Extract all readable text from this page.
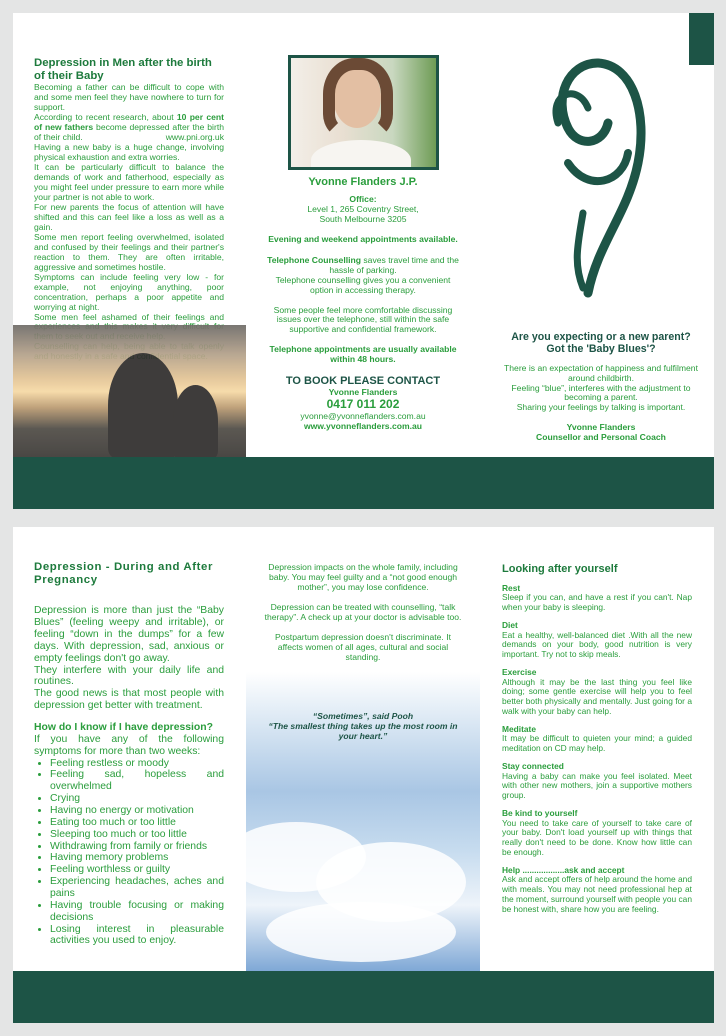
Depression in Men after the birth of their Baby

Becoming a father can be difficult to cope with and some men feel they have nowhere to turn for support.

According to recent research, about 10 per cent of new fathers become depressed after the birth of their child.	www.pni.org.uk

Having a new baby is a huge change, involving physical exhaustion and extra worries.

It can be particularly difficult to balance the demands of work and fatherhood, especially as you might feel under pressure to earn more while your partner is not able to work.

For new parents the focus of attention will have shifted and this can feel like a loss as well as a gain.

Some men report feeling overwhelmed, isolated and confused by their feelings and their partner's reaction to them. They are often irritable, aggressive and sometimes hostile.

Symptoms can include feeling very low - for example, not enjoying anything, poor concentration, perhaps a poor appetite and worrying at night.

Some men feel ashamed of their feelings and

Yvonne Flanders J.P.
Office:
Level 1, 265 Coventry Street,
South Melbourne 3205
Evening and weekend appointments available.
Telephone Counselling saves travel time and the hassle of parking.
Telephone counselling gives you a convenient option in accessing therapy.
Some people feel more comfortable discussing issues over the telephone, still within the safe supportive and confidential framework.
Telephone appointments are usually available within 48 hours.
TO BOOK PLEASE CONTACT
Yvonne Flanders
0417 011 202
yvonne@yvonneflanders.com.au
www.yvonneflanders.com.au
Are you expecting or a new parent? Got the 'Baby Blues'?
There is an expectation of happiness and fulfilment around childbirth.
Feeling “blue”, interferes with the adjustment to becoming a parent.
Sharing your feelings by talking is important.
Yvonne Flanders
Counsellor and Personal Coach
Depression - During and After Pregnancy

Depression is more than just the “Baby Blues” (feeling weepy and irritable), or feeling “down in the dumps” for a few days. With depression, sad, anxious or empty feelings don't go away.

They interfere with your daily life and routines.

The good news is that most people with depression get better with treatment.

How do I know if I have depression?

If you have any of the following symptoms for more than two weeks:

• Feeling restless or moody
• Feeling sad, hopeless and overwhelmed
• Crying
• Having no energy or motivation
• Eating too much or too little
• Sleeping too much or too little
• Withdrawing from family or friends
• Having memory problems
• Feeling worthless or guilty
• Experiencing headaches, aches and pains
• Having trouble focusing or making decisions
• Losing interest in pleasurable activities you used to enjoy.

Depression impacts on the whole family, including baby. You may feel guilty and a “not good enough mother”, you may lose confidence.

Depression can be treated with counselling, “talk therapy”. A check up at your doctor is advisable too.

Postpartum depression doesn't discriminate. It affects women of all ages, cultural and social standing.

“Sometimes”, said Pooh
“The smallest thing takes up the most room in your heart.”
Looking after yourself
Rest

Sleep if you can, and have a rest if you can't. Nap when your baby is sleeping.

Diet

Eat a healthy, well-balanced diet .With all the new demands on your body, good nutrition is very important. Try not to skip meals.

Exercise

Although it may be the last thing you feel like doing; some gentle exercise will help you to feel better both physically and mentally. Just going for a walk with your baby can help.

Meditate

It may be difficult to quieten your mind; a guided meditation on CD may help.

Stay connected

Having a baby can make you feel isolated. Meet with other new mothers, join a supportive mothers group.

Be kind to yourself

You need to take care of yourself to take care of your baby. Don't load yourself up with things that really don't need to be done. Know how little can be enough.

Help ..................ask and accept

Ask and accept offers of help around the home and with meals. You may not need professional hep at the moment, surround yourself with people you can be honest with, share how you are feeling.
